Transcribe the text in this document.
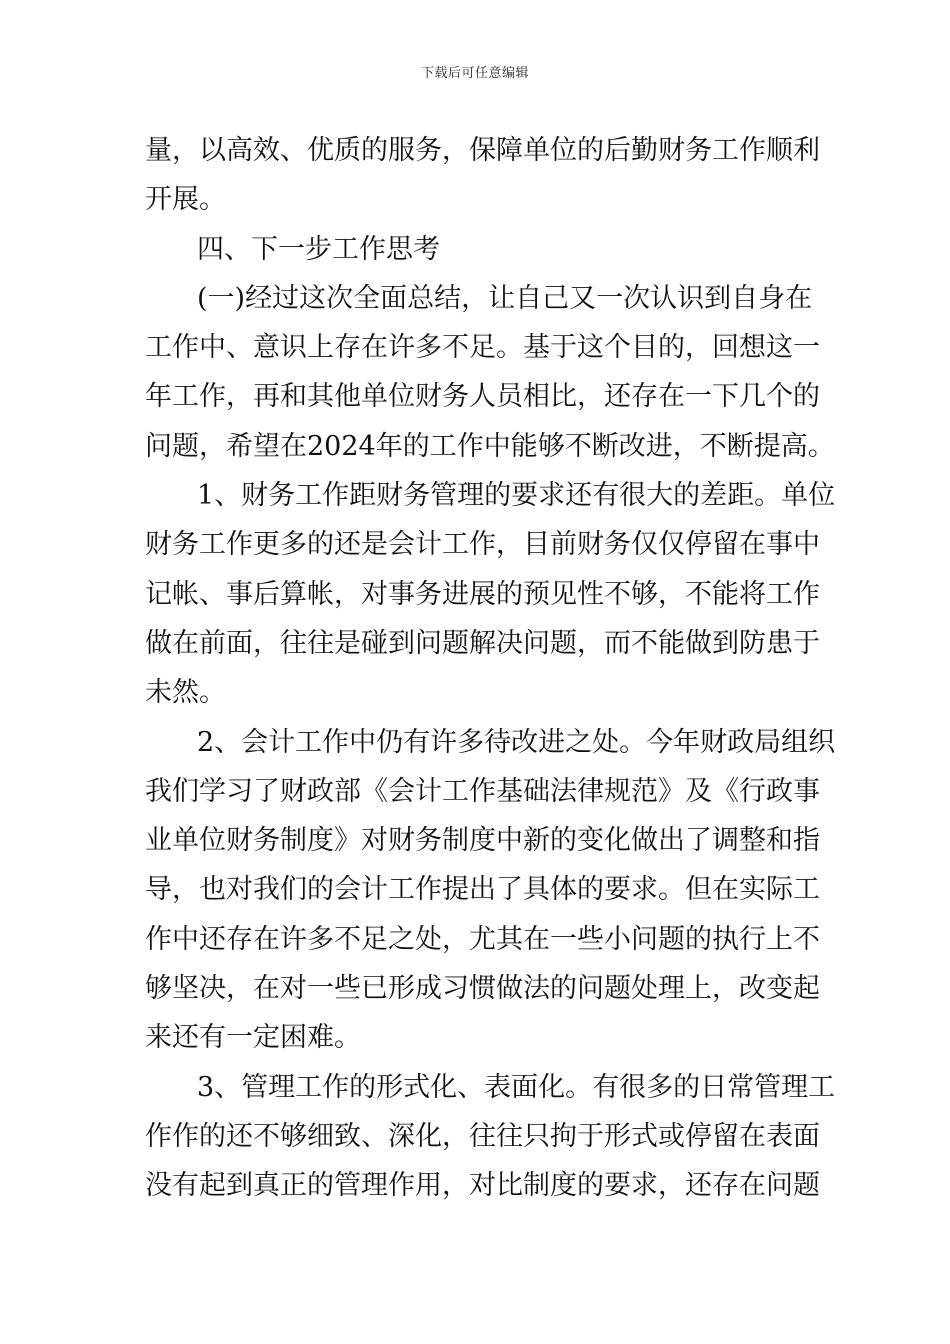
下载后可任意编辑
量，以高效、优质的服务，保障单位的后勤财务工作顺利
开展。
四、下一步工作思考
(一)经过这次全面总结，让自己又一次认识到自身在
工作中、意识上存在许多不足。基于这个目的，回想这一
年工作，再和其他单位财务人员相比，还存在一下几个的
问题，希望在2024年的工作中能够不断改进，不断提高。
1、财务工作距财务管理的要求还有很大的差距。单位
财务工作更多的还是会计工作，目前财务仅仅停留在事中
记帐、事后算帐，对事务进展的预见性不够，不能将工作
做在前面，往往是碰到问题解决问题，而不能做到防患于
未然。
2、会计工作中仍有许多待改进之处。今年财政局组织
我们学习了财政部《会计工作基础法律规范》及《行政事
业单位财务制度》对财务制度中新的变化做出了调整和指
导，也对我们的会计工作提出了具体的要求。但在实际工
作中还存在许多不足之处，尤其在一些小问题的执行上不
够坚决，在对一些已形成习惯做法的问题处理上，改变起
来还有一定困难。
3、管理工作的形式化、表面化。有很多的日常管理工
作作的还不够细致、深化，往往只拘于形式或停留在表面
没有起到真正的管理作用，对比制度的要求，还存在问题
